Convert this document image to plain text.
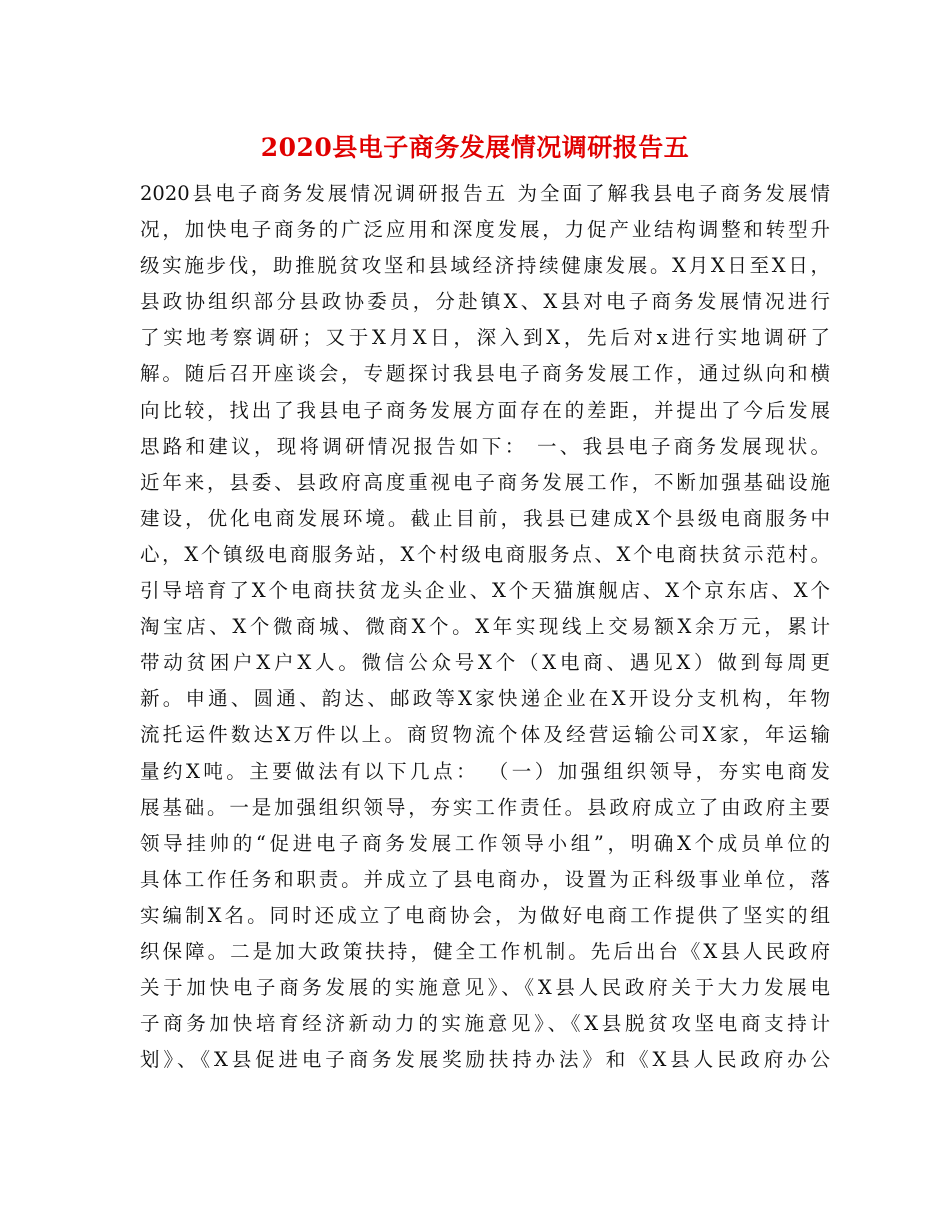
2020县电子商务发展情况调研报告五
2020县电子商务发展情况调研报告五 为全面了解我县电子商务发展情
况，加快电子商务的广泛应用和深度发展，力促产业结构调整和转型升
级实施步伐，助推脱贫攻坚和县域经济持续健康发展。X月X日至X日，
县政协组织部分县政协委员，分赴镇X、X县对电子商务发展情况进行
了实地考察调研；又于X月X日，深入到X，先后对x进行实地调研了
解。随后召开座谈会，专题探讨我县电子商务发展工作，通过纵向和横
向比较，找出了我县电子商务发展方面存在的差距，并提出了今后发展
思路和建议，现将调研情况报告如下： 一、我县电子商务发展现状。
近年来，县委、县政府高度重视电子商务发展工作，不断加强基础设施
建设，优化电商发展环境。截止目前，我县已建成X个县级电商服务中
心，X个镇级电商服务站，X个村级电商服务点、X个电商扶贫示范村。
引导培育了X个电商扶贫龙头企业、X个天猫旗舰店、X个京东店、X个
淘宝店、X个微商城、微商X个。X年实现线上交易额X余万元，累计
带动贫困户X户X人。微信公众号X个（X电商、遇见X）做到每周更
新。申通、圆通、韵达、邮政等X家快递企业在X开设分支机构，年物
流托运件数达X万件以上。商贸物流个体及经营运输公司X家，年运输
量约X吨。主要做法有以下几点： （一）加强组织领导，夯实电商发
展基础。一是加强组织领导，夯实工作责任。县政府成立了由政府主要
领导挂帅的“促进电子商务发展工作领导小组”，明确X个成员单位的
具体工作任务和职责。并成立了县电商办，设置为正科级事业单位，落
实编制X名。同时还成立了电商协会，为做好电商工作提供了坚实的组
织保障。二是加大政策扶持，健全工作机制。先后出台《X县人民政府
关于加快电子商务发展的实施意见》、《X县人民政府关于大力发展电
子商务加快培育经济新动力的实施意见》、《X县脱贫攻坚电商支持计
划》、《X县促进电子商务发展奖励扶持办法》和《X县人民政府办公
